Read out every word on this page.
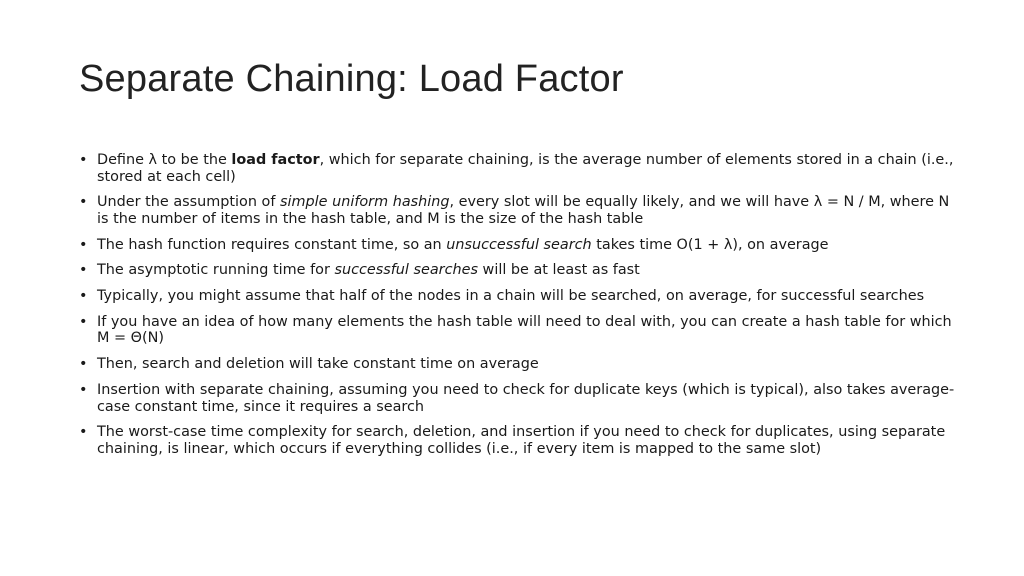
Separate Chaining: Load Factor
• Define λ to be the load factor, which for separate chaining, is the average number of elements stored in a chain (i.e., stored at each cell)
• Under the assumption of simple uniform hashing, every slot will be equally likely, and we will have λ = N / M, where N is the number of items in the hash table, and M is the size of the hash table
• The hash function requires constant time, so an unsuccessful search takes time O(1 + λ), on average
• The asymptotic running time for successful searches will be at least as fast
• Typically, you might assume that half of the nodes in a chain will be searched, on average, for successful searches
• If you have an idea of how many elements the hash table will need to deal with, you can create a hash table for which M = Θ(N)
• Then, search and deletion will take constant time on average
• Insertion with separate chaining, assuming you need to check for duplicate keys (which is typical), also takes average-case constant time, since it requires a search
• The worst-case time complexity for search, deletion, and insertion if you need to check for duplicates, using separate chaining, is linear, which occurs if everything collides (i.e., if every item is mapped to the same slot)
